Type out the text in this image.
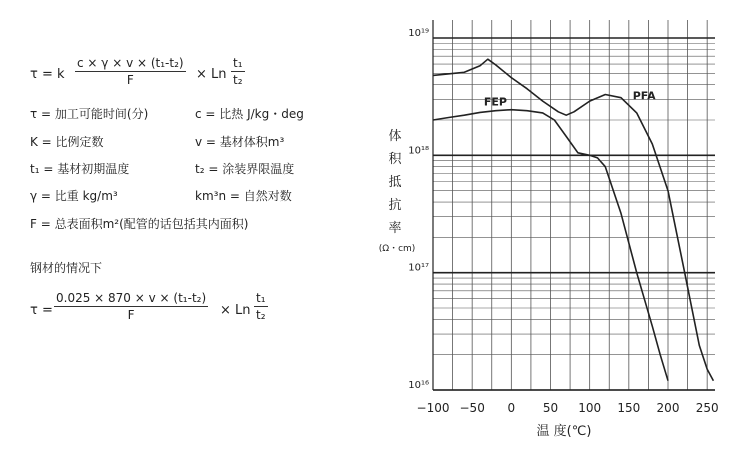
τ = k $\frac{\text{c × γ × v × (t₁-t₂)}}{F} \times Ln \frac{\text{t₁}}{\text{t₂}}$
τ = 加工可能时间(分)	c = 比热 J/kg・deg
K = 比例定数	v = 基材体积m³
t₁ = 基材初期温度	t₂ = 涂装界限温度
γ = 比重 kg/m³	km³n = 自然对数
F = 总表面积m²(配管的话包括其内面积)
钢材的情况下
$\tau = \frac{\text{0.025 × 870 × v × (t₁-t₂)}}{F} \times Ln \frac{\text{t₁}}{\text{t₂}}$
−100 −50 0 50 100 150 200 250
10¹⁶
10¹⁷
10¹⁸
10¹⁹
温 度(℃)
体
积
抵
抗
率
(Ω・cm)
PFA
FEP
